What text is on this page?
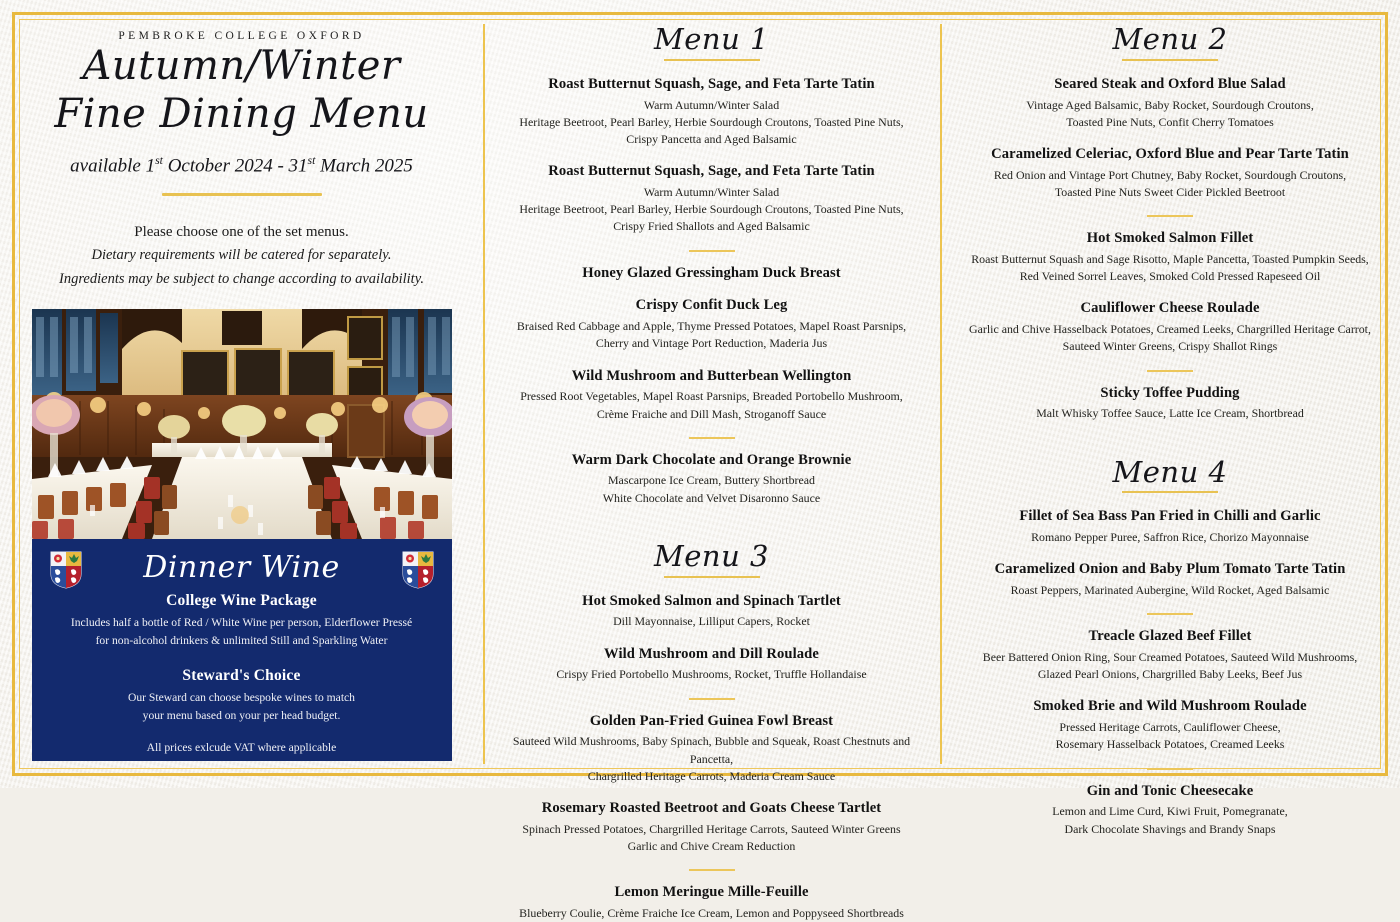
PEMBROKE COLLEGE OXFORD
Autumn/Winter
Fine Dining Menu
available 1st October 2024 - 31st March 2025
Please choose one of the set menus.
Dietary requirements will be catered for separately.
Ingredients may be subject to change according to availability.
Dinner Wine
College Wine Package

Includes half a bottle of Red / White Wine per person, Elderflower Pressé

for non-alcohol drinkers & unlimited Still and Sparkling Water

Steward's Choice

Our Steward can choose bespoke wines to match

your menu based on your per head budget.

All prices exlcude VAT where applicable

Menu 1
Roast Butternut Squash, Sage, and Feta Tarte Tatin
Warm Autumn/Winter Salad
Heritage Beetroot, Pearl Barley, Herbie Sourdough Croutons, Toasted Pine Nuts,
Crispy Pancetta and Aged Balsamic
Roast Butternut Squash, Sage, and Feta Tarte Tatin
Warm Autumn/Winter Salad
Heritage Beetroot, Pearl Barley, Herbie Sourdough Croutons, Toasted Pine Nuts,
Crispy Fried Shallots and Aged Balsamic
Honey Glazed Gressingham Duck Breast
Crispy Confit Duck Leg
Braised Red Cabbage and Apple, Thyme Pressed Potatoes, Mapel Roast Parsnips,
Cherry and Vintage Port Reduction, Maderia Jus
Wild Mushroom and Butterbean Wellington
Pressed Root Vegetables, Mapel Roast Parsnips, Breaded Portobello Mushroom,
Crème Fraiche and Dill Mash, Stroganoff Sauce
Warm Dark Chocolate and Orange Brownie
Mascarpone Ice Cream, Buttery Shortbread
White Chocolate and Velvet Disaronno Sauce
Menu 3
Hot Smoked Salmon and Spinach Tartlet
Dill Mayonnaise, Lilliput Capers, Rocket
Wild Mushroom and Dill Roulade
Crispy Fried Portobello Mushrooms, Rocket, Truffle Hollandaise
Golden Pan-Fried Guinea Fowl Breast
Sauteed Wild Mushrooms, Baby Spinach, Bubble and Squeak, Roast Chestnuts and Pancetta,
Chargrilled Heritage Carrots, Maderia Cream Sauce
Rosemary Roasted Beetroot and Goats Cheese Tartlet
Spinach Pressed Potatoes, Chargrilled Heritage Carrots, Sauteed Winter Greens
Garlic and Chive Cream Reduction
Lemon Meringue Mille-Feuille
Blueberry Coulie, Crème Fraiche Ice Cream, Lemon and Poppyseed Shortbreads
Menu 2
Seared Steak and Oxford Blue Salad
Vintage Aged Balsamic, Baby Rocket, Sourdough Croutons,
Toasted Pine Nuts, Confit Cherry Tomatoes
Caramelized Celeriac, Oxford Blue and Pear Tarte Tatin
Red Onion and Vintage Port Chutney, Baby Rocket, Sourdough Croutons,
Toasted Pine Nuts Sweet Cider Pickled Beetroot
Hot Smoked Salmon Fillet
Roast Butternut Squash and Sage Risotto, Maple Pancetta, Toasted Pumpkin Seeds,
Red Veined Sorrel Leaves, Smoked Cold Pressed Rapeseed Oil
Cauliflower Cheese Roulade
Garlic and Chive Hasselback Potatoes, Creamed Leeks, Chargrilled Heritage Carrot,
Sauteed Winter Greens, Crispy Shallot Rings
Sticky Toffee Pudding
Malt Whisky Toffee Sauce, Latte Ice Cream, Shortbread
Menu 4
Fillet of Sea Bass Pan Fried in Chilli and Garlic
Romano Pepper Puree, Saffron Rice, Chorizo Mayonnaise
Caramelized Onion and Baby Plum Tomato Tarte Tatin
Roast Peppers, Marinated Aubergine, Wild Rocket, Aged Balsamic
Treacle Glazed Beef Fillet
Beer Battered Onion Ring, Sour Creamed Potatoes, Sauteed Wild Mushrooms,
Glazed Pearl Onions, Chargrilled Baby Leeks, Beef Jus
Smoked Brie and Wild Mushroom Roulade
Pressed Heritage Carrots, Cauliflower Cheese,
Rosemary Hasselback Potatoes, Creamed Leeks
Gin and Tonic Cheesecake
Lemon and Lime Curd, Kiwi Fruit, Pomegranate,
Dark Chocolate Shavings and Brandy Snaps
